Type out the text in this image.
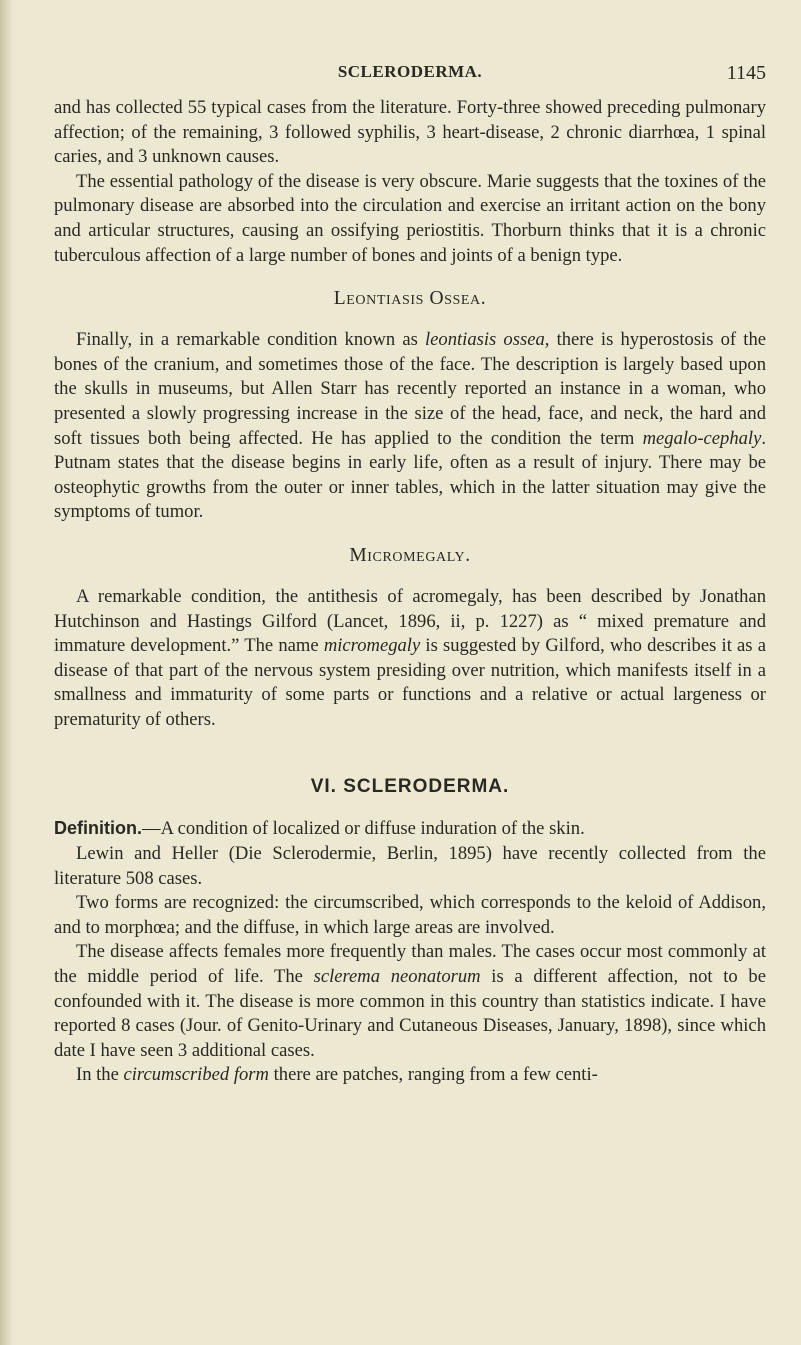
SCLERODERMA.	1145

and has collected 55 typical cases from the literature. Forty-three showed preceding pulmonary affection; of the remaining, 3 followed syphilis, 3 heart-disease, 2 chronic diarrhœa, 1 spinal caries, and 3 unknown causes.

The essential pathology of the disease is very obscure. Marie suggests that the toxines of the pulmonary disease are absorbed into the circulation and exercise an irritant action on the bony and articular structures, causing an ossifying periostitis. Thorburn thinks that it is a chronic tuberculous affection of a large number of bones and joints of a benign type.

Leontiasis Ossea.

Finally, in a remarkable condition known as leontiasis ossea, there is hyperostosis of the bones of the cranium, and sometimes those of the face. The description is largely based upon the skulls in museums, but Allen Starr has recently reported an instance in a woman, who presented a slowly progressing increase in the size of the head, face, and neck, the hard and soft tissues both being affected. He has applied to the condition the term megalo-cephaly. Putnam states that the disease begins in early life, often as a result of injury. There may be osteophytic growths from the outer or inner tables, which in the latter situation may give the symptoms of tumor.

Micromegaly.

A remarkable condition, the antithesis of acromegaly, has been described by Jonathan Hutchinson and Hastings Gilford (Lancet, 1896, ii, p. 1227) as “ mixed premature and immature development.” The name micromegaly is suggested by Gilford, who describes it as a disease of that part of the nervous system presiding over nutrition, which manifests itself in a smallness and immaturity of some parts or functions and a relative or actual largeness or prematurity of others.

VI. SCLERODERMA.

Definition.—A condition of localized or diffuse induration of the skin.

Lewin and Heller (Die Sclerodermie, Berlin, 1895) have recently collected from the literature 508 cases.

Two forms are recognized: the circumscribed, which corresponds to the keloid of Addison, and to morphœa; and the diffuse, in which large areas are involved.

The disease affects females more frequently than males. The cases occur most commonly at the middle period of life. The sclerema neonatorum is a different affection, not to be confounded with it. The disease is more common in this country than statistics indicate. I have reported 8 cases (Jour. of Genito-Urinary and Cutaneous Diseases, January, 1898), since which date I have seen 3 additional cases.

In the circumscribed form there are patches, ranging from a few centi-
